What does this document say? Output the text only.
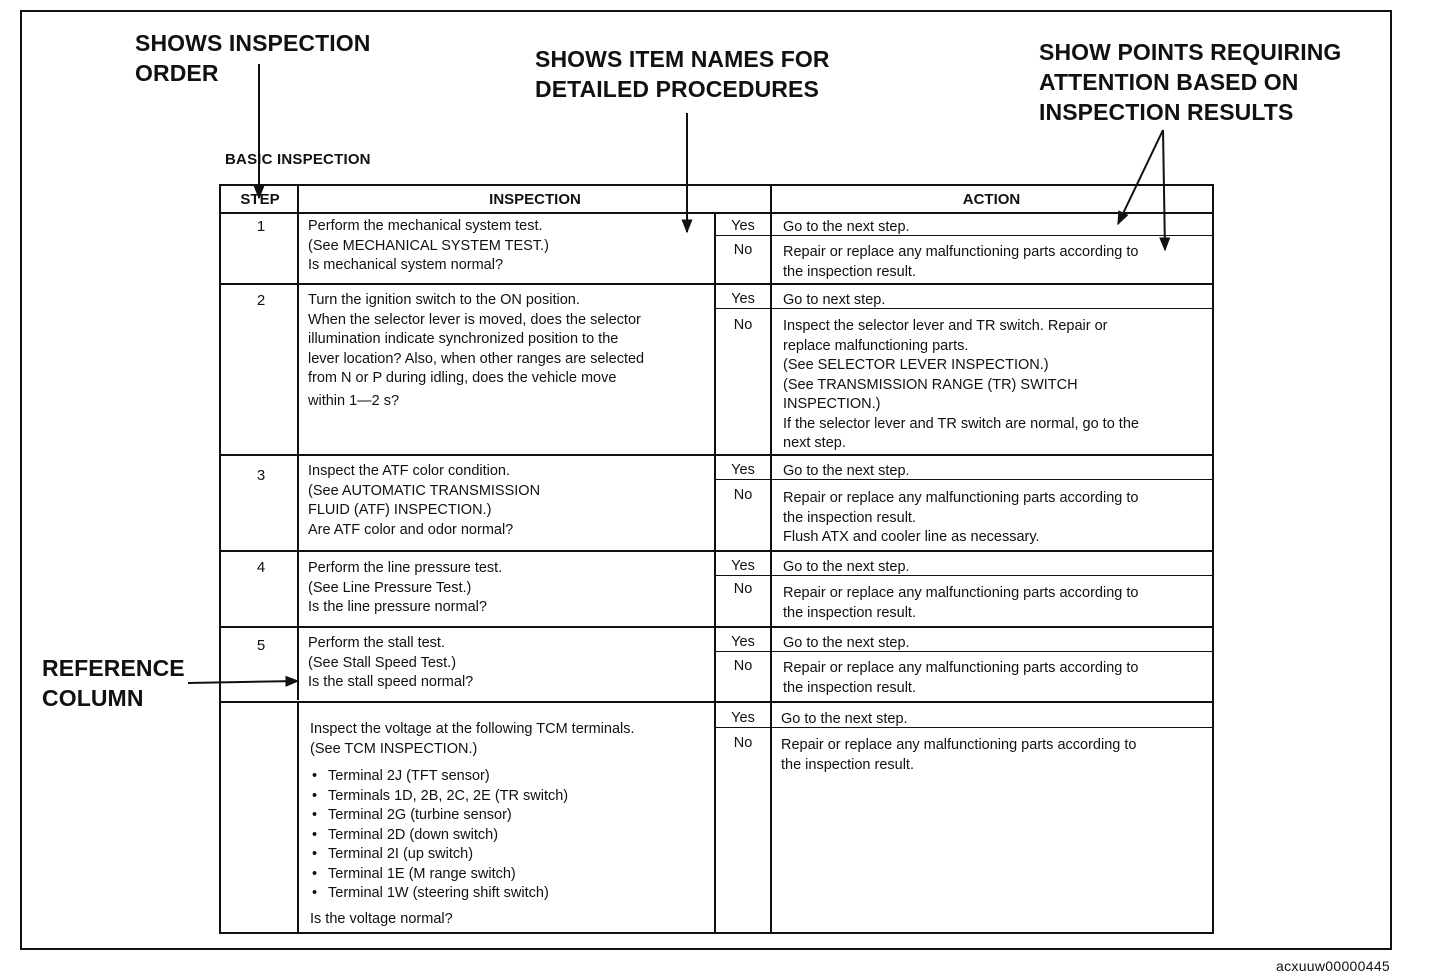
SHOWS INSPECTION
ORDER
SHOWS ITEM NAMES FOR
DETAILED PROCEDURES
SHOW POINTS REQUIRING
ATTENTION BASED ON
INSPECTION RESULTS
REFERENCE
COLUMN
BASIC INSPECTION
STEP	INSPECTION	ACTION
1	Perform the mechanical system test.
(See MECHANICAL SYSTEM TEST.)
Is mechanical system normal?
Yes	Go to the next step.
No	Repair or replace any malfunctioning parts according to
the inspection result.
2	Turn the ignition switch to the ON position.
When the selector lever is moved, does the selector
illumination indicate synchronized position to the
lever location? Also, when other ranges are selected
from N or P during idling, does the vehicle move
within 1—2 s?
Yes	Go to next step.
No	Inspect the selector lever and TR switch. Repair or
replace malfunctioning parts.
(See SELECTOR LEVER INSPECTION.)
(See TRANSMISSION RANGE (TR) SWITCH
INSPECTION.)
If the selector lever and TR switch are normal, go to the
next step.
3	Inspect the ATF color condition.
(See AUTOMATIC TRANSMISSION
FLUID (ATF) INSPECTION.)
Are ATF color and odor normal?
Yes	Go to the next step.
No	Repair or replace any malfunctioning parts according to
the inspection result.
Flush ATX and cooler line as necessary.
4	Perform the line pressure test.
(See Line Pressure Test.)
Is the line pressure normal?
Yes	Go to the next step.
No	Repair or replace any malfunctioning parts according to
the inspection result.
5	Perform the stall test.
(See Stall Speed Test.)
Is the stall speed normal?
Yes	Go to the next step.
No	Repair or replace any malfunctioning parts according to
the inspection result.
Inspect the voltage at the following TCM terminals.
(See TCM INSPECTION.)
• Terminal 2J (TFT sensor)
• Terminals 1D, 2B, 2C, 2E (TR switch)
• Terminal 2G (turbine sensor)
• Terminal 2D (down switch)
• Terminal 2I (up switch)
• Terminal 1E (M range switch)
• Terminal 1W (steering shift switch)
Is the voltage normal?
Yes	Go to the next step.
No	Repair or replace any malfunctioning parts according to
the inspection result.
acxuuw00000445
